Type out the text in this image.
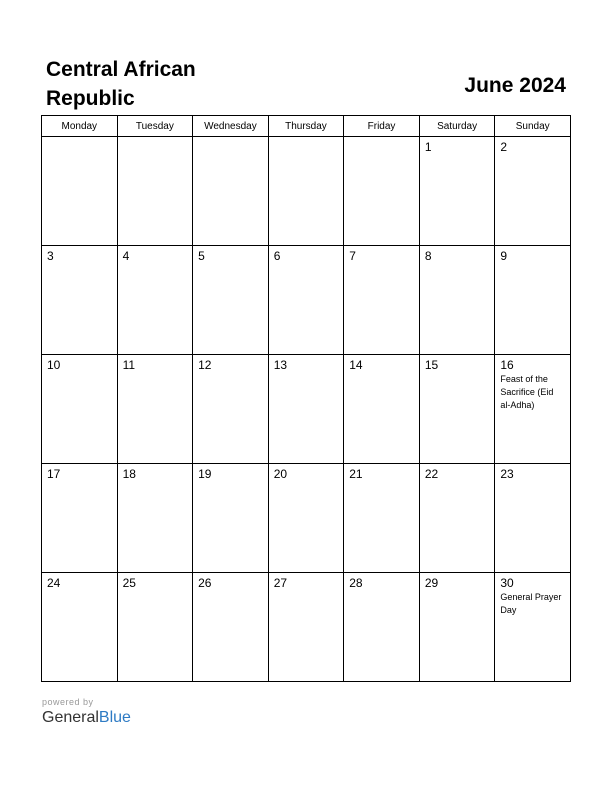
Central African
Republic
June 2024
Monday	Tuesday	Wednesday	Thursday	Friday	Saturday	Sunday

					1	2

3	4	5	6	7	8	9

10	11	12	13	14	15	16
Feast of the Sacrifice (Eid al-Adha)

17	18	19	20	21	22	23

24	25	26	27	28	29	30
General Prayer Day
powered by
GeneralBlue
